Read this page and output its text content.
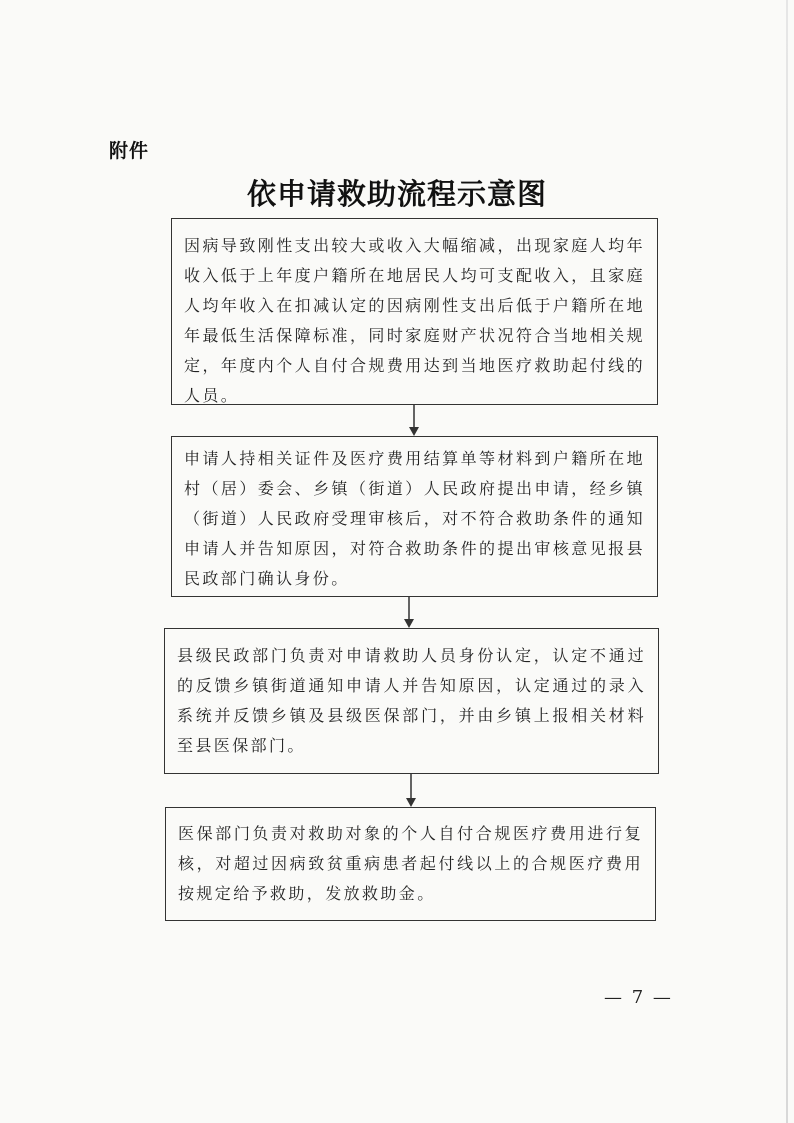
附件
依申请救助流程示意图
因病导致刚性支出较大或收入大幅缩减，出现家庭人均年收入低于上年度户籍所在地居民人均可支配收入，且家庭人均年收入在扣减认定的因病刚性支出后低于户籍所在地年最低生活保障标准，同时家庭财产状况符合当地相关规定，年度内个人自付合规费用达到当地医疗救助起付线的人员。
申请人持相关证件及医疗费用结算单等材料到户籍所在地村（居）委会、乡镇（街道）人民政府提出申请，经乡镇（街道）人民政府受理审核后，对不符合救助条件的通知申请人并告知原因，对符合救助条件的提出审核意见报县民政部门确认身份。
县级民政部门负责对申请救助人员身份认定，认定不通过的反馈乡镇街道通知申请人并告知原因，认定通过的录入系统并反馈乡镇及县级医保部门，并由乡镇上报相关材料至县医保部门。
医保部门负责对救助对象的个人自付合规医疗费用进行复核，对超过因病致贫重病患者起付线以上的合规医疗费用按规定给予救助，发放救助金。
— 7 —
